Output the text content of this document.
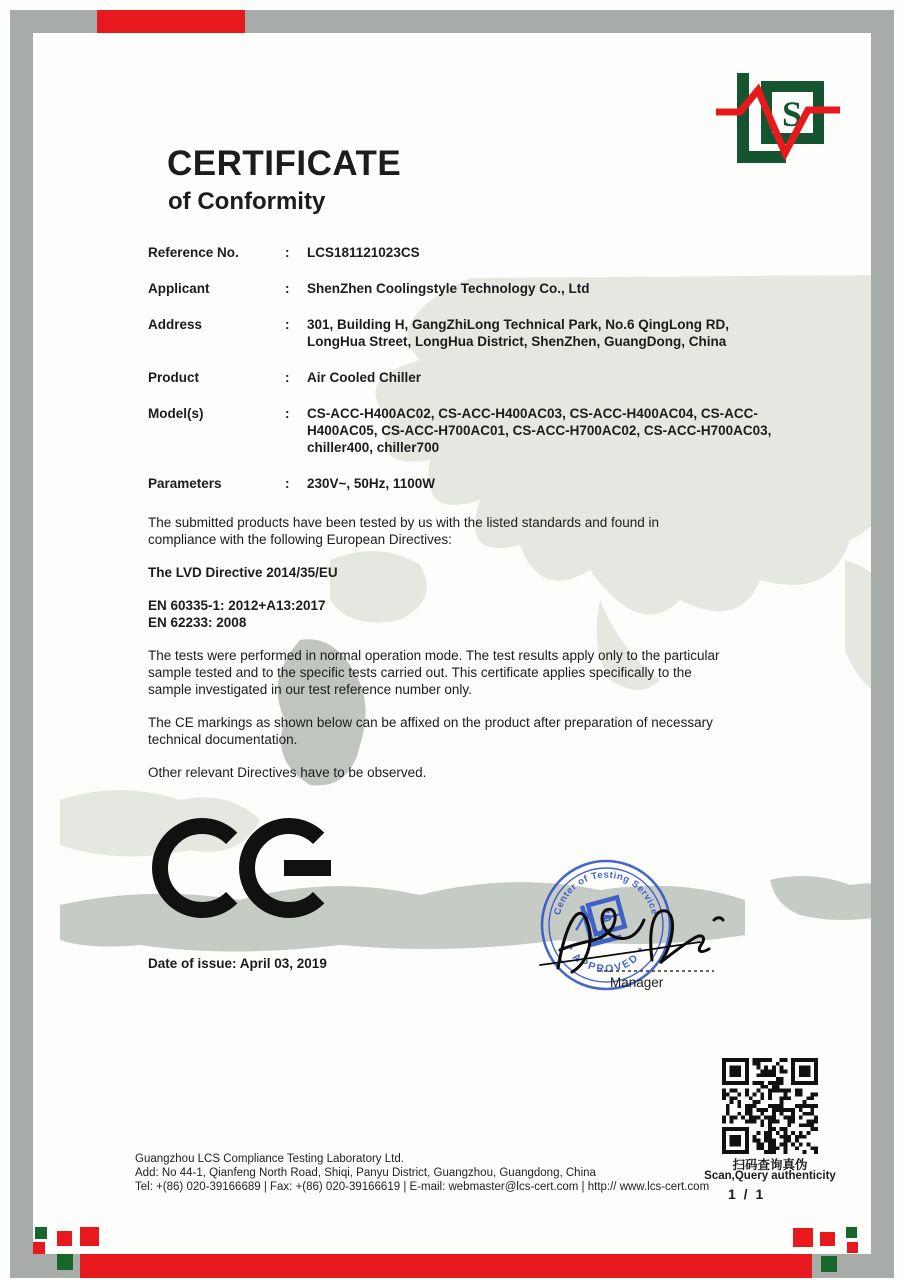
S
CERTIFICATE
of Conformity
Reference No.	:	LCS181121023CS
Applicant	:	ShenZhen Coolingstyle Technology Co., Ltd
Address	:	301, Building H, GangZhiLong Technical Park, No.6 QingLong RD, LongHua Street, LongHua District, ShenZhen, GuangDong, China
Product	:	Air Cooled Chiller
Model(s)	:	CS-ACC-H400AC02, CS-ACC-H400AC03, CS-ACC-H400AC04, CS-ACC-H400AC05, CS-ACC-H700AC01, CS-ACC-H700AC02, CS-ACC-H700AC03, chiller400, chiller700
Parameters	:	230V~, 50Hz, 1100W

The submitted products have been tested by us with the listed standards and found in compliance with the following European Directives:

The LVD Directive 2014/35/EU

EN 60335-1: 2012+A13:2017
EN 62233: 2008

The tests were performed in normal operation mode. The test results apply only to the particular sample tested and to the specific tests carried out. This certificate applies specifically to the sample investigated in our test reference number only.

The CE markings as shown below can be affixed on the product after preparation of necessary technical documentation.

Other relevant Directives have to be observed.

Date of issue: April 03, 2019
Center of Testing Service
* APPROVED *
S
Manager
扫码查询真伪
Scan,Query authenticity
1 / 1
Guangzhou LCS Compliance Testing Laboratory Ltd.
Add: No 44-1, Qianfeng North Road, Shiqi, Panyu District, Guangzhou, Guangdong, China
Tel: +(86) 020-39166689 | Fax: +(86) 020-39166619 | E-mail: webmaster@lcs-cert.com | http:// www.lcs-cert.com
